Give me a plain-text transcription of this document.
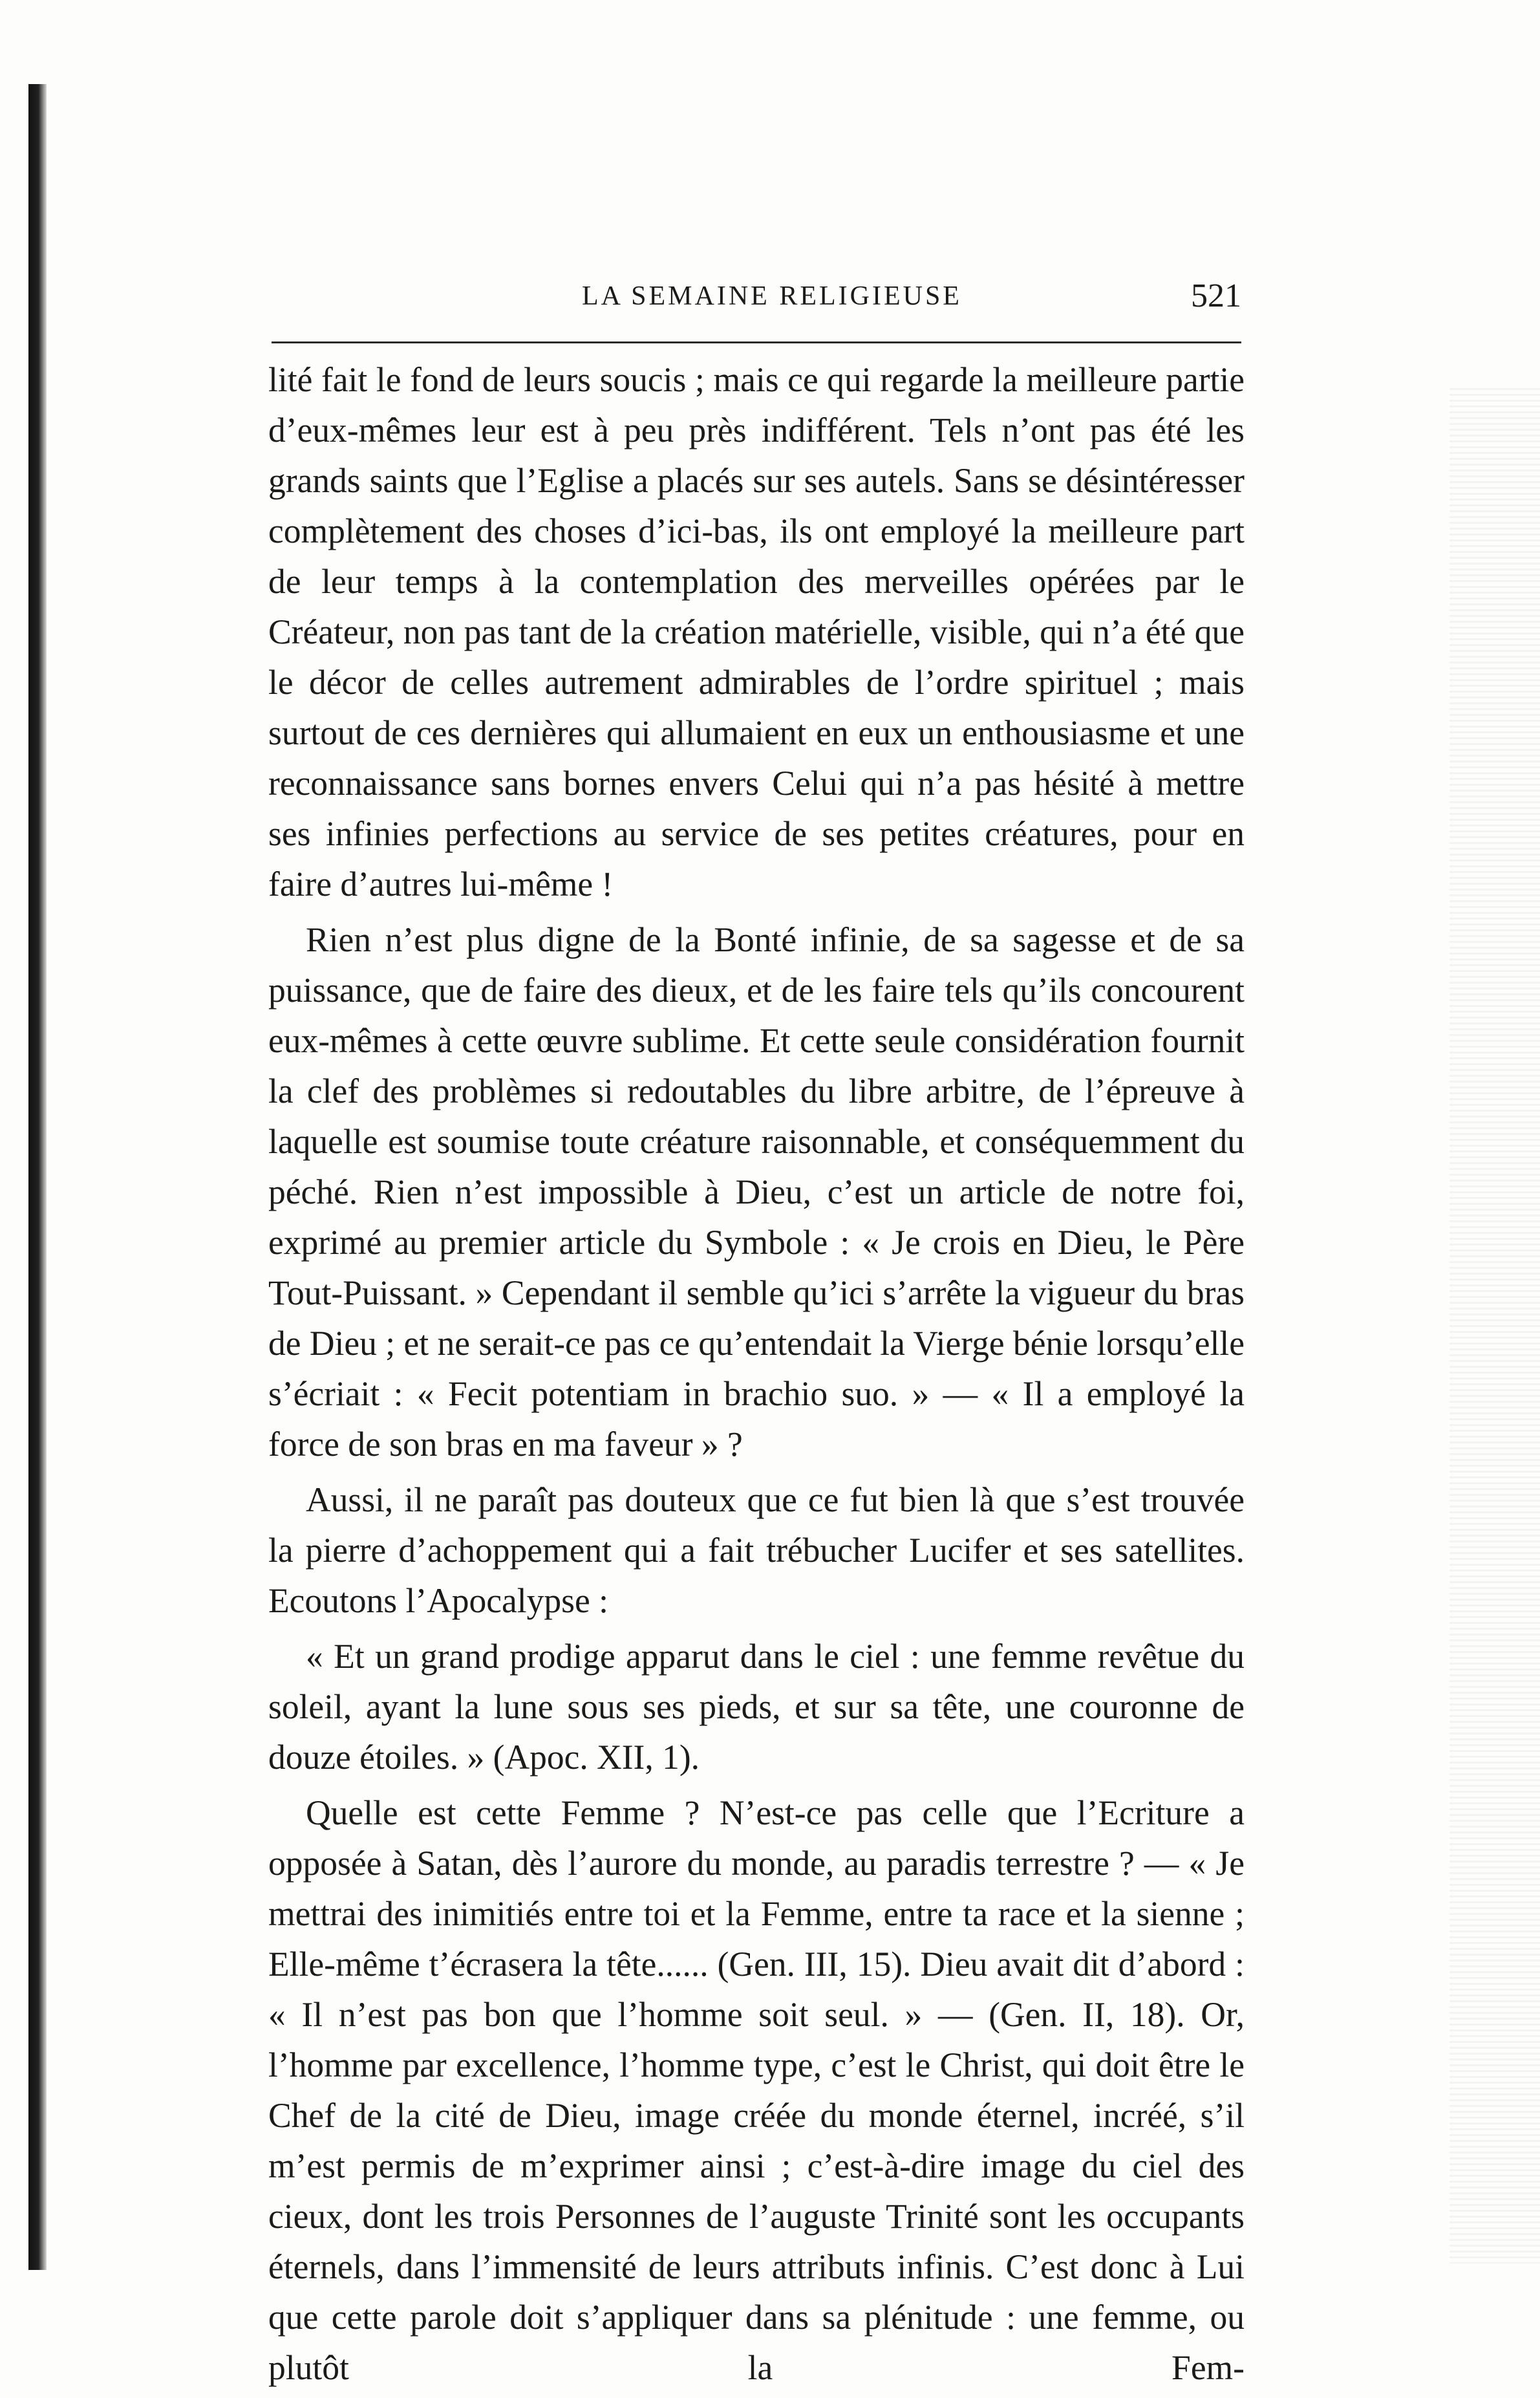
LA SEMAINE RELIGIEUSE	521

lité fait le fond de leurs soucis ; mais ce qui regarde la meilleure partie d’eux-mêmes leur est à peu près indifférent. Tels n’ont pas été les grands saints que l’Eglise a placés sur ses autels. Sans se désintéresser complètement des choses d’ici-bas, ils ont employé la meilleure part de leur temps à la contemplation des merveilles opérées par le Créateur, non pas tant de la création matérielle, visible, qui n’a été que le décor de celles autrement admirables de l’ordre spirituel ; mais surtout de ces dernières qui allumaient en eux un enthousiasme et une reconnaissance sans bornes envers Celui qui n’a pas hésité à mettre ses infinies perfections au service de ses petites créatures, pour en faire d’autres lui-même !

Rien n’est plus digne de la Bonté infinie, de sa sagesse et de sa puissance, que de faire des dieux, et de les faire tels qu’ils concourent eux-mêmes à cette œuvre sublime. Et cette seule considération fournit la clef des problèmes si redoutables du libre arbitre, de l’épreuve à laquelle est soumise toute créature raisonnable, et conséquemment du péché. Rien n’est impossible à Dieu, c’est un article de notre foi, exprimé au premier article du Symbole : « Je crois en Dieu, le Père Tout-Puissant. » Cependant il semble qu’ici s’arrête la vigueur du bras de Dieu ; et ne serait-ce pas ce qu’entendait la Vierge bénie lorsqu’elle s’écriait : « Fecit potentiam in brachio suo. » — « Il a employé la force de son bras en ma faveur » ?

Aussi, il ne paraît pas douteux que ce fut bien là que s’est trouvée la pierre d’achoppement qui a fait trébucher Lucifer et ses satellites. Ecoutons l’Apocalypse :

« Et un grand prodige apparut dans le ciel : une femme revêtue du soleil, ayant la lune sous ses pieds, et sur sa tête, une couronne de douze étoiles. » (Apoc. XII, 1).

Quelle est cette Femme ? N’est-ce pas celle que l’Ecriture a opposée à Satan, dès l’aurore du monde, au paradis terrestre ? — « Je mettrai des inimitiés entre toi et la Femme, entre ta race et la sienne ; Elle-même t’écrasera la tête...... (Gen. III, 15). Dieu avait dit d’abord : « Il n’est pas bon que l’homme soit seul. » — (Gen. II, 18). Or, l’homme par excellence, l’homme type, c’est le Christ, qui doit être le Chef de la cité de Dieu, image créée du monde éternel, incréé, s’il m’est permis de m’exprimer ainsi ; c’est-à-dire image du ciel des cieux, dont les trois Personnes de l’auguste Trinité sont les occupants éternels, dans l’immensité de leurs attributs infinis. C’est donc à Lui que cette parole doit s’appliquer dans sa plénitude : une femme, ou plutôt la Fem-
